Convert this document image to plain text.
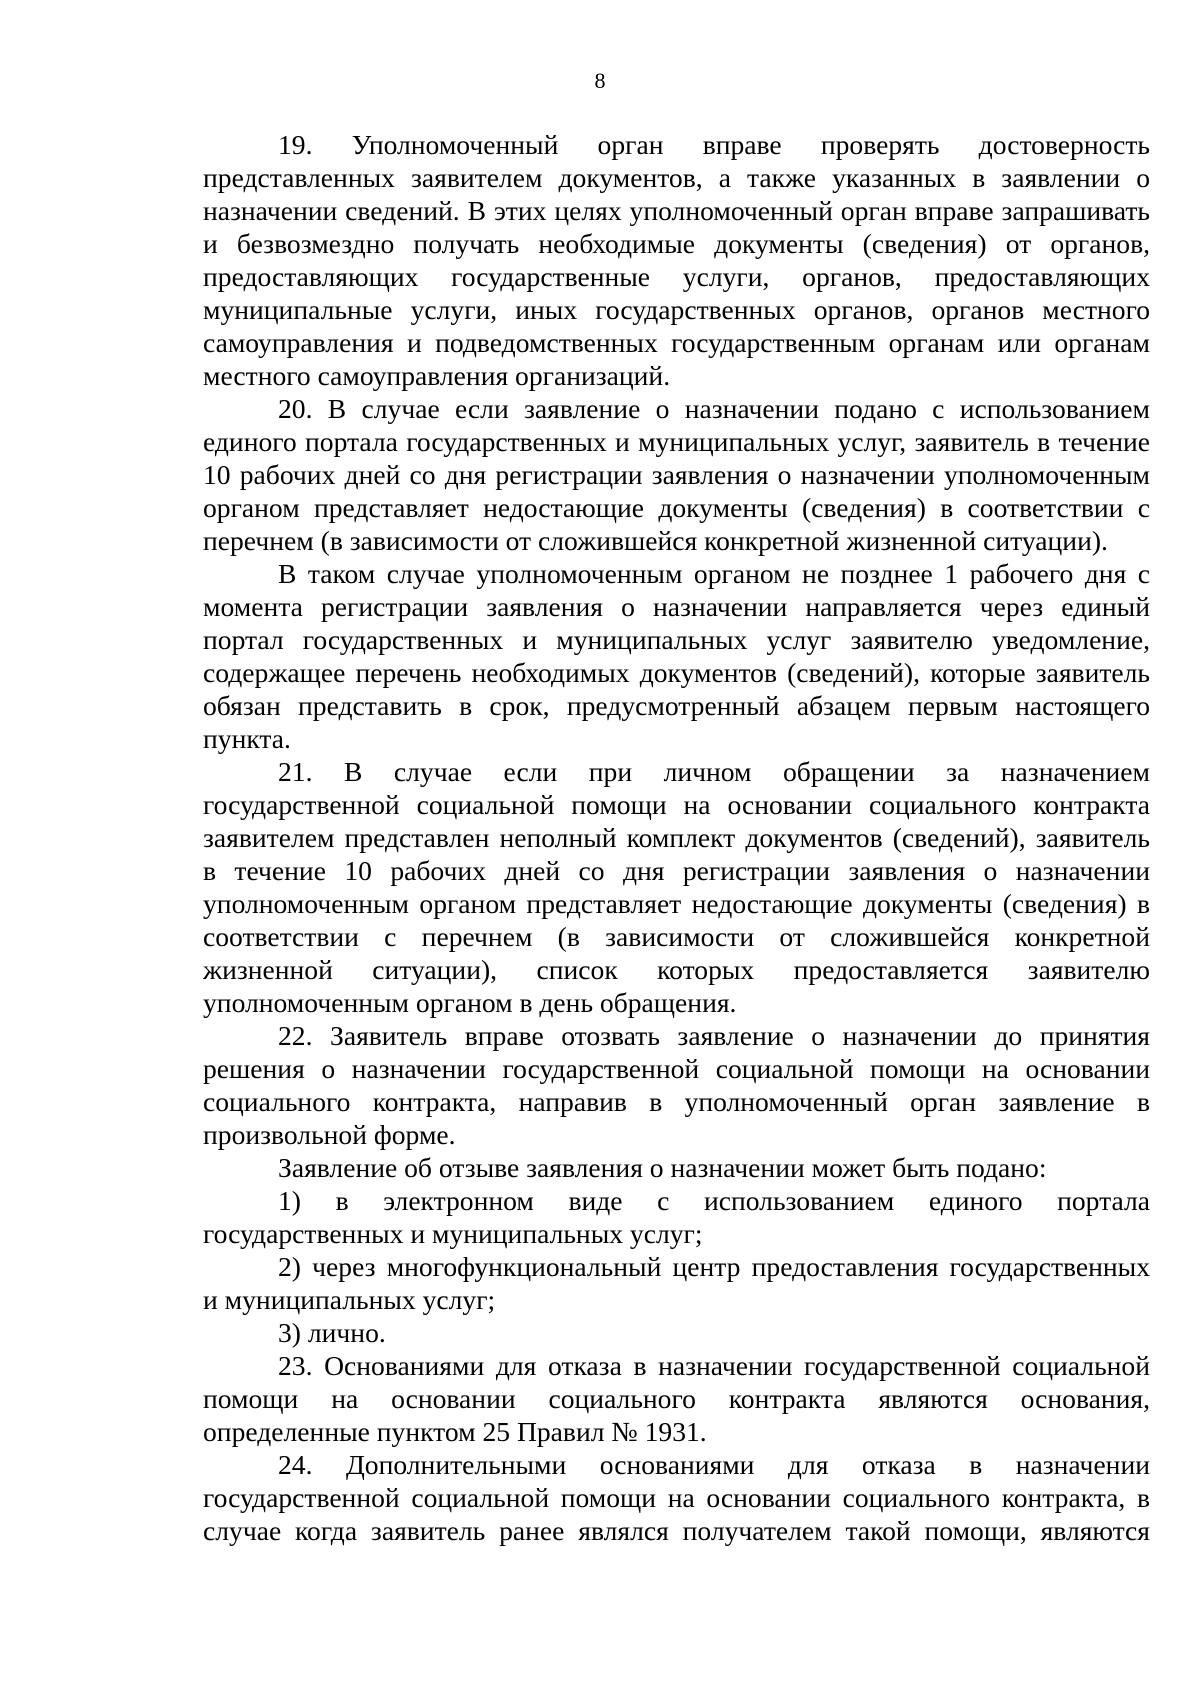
8

19. Уполномоченный орган вправе проверять достоверность представленных заявителем документов, а также указанных в заявлении о назначении сведений. В этих целях уполномоченный орган вправе запрашивать и безвозмездно получать необходимые документы (сведения) от органов, предоставляющих государственные услуги, органов, предоставляющих муниципальные услуги, иных государственных органов, органов местного самоуправления и подведомственных государственным органам или органам местного самоуправления организаций.

20. В случае если заявление о назначении подано с использованием единого портала государственных и муниципальных услуг, заявитель в течение 10 рабочих дней со дня регистрации заявления о назначении уполномоченным органом представляет недостающие документы (сведения) в соответствии с перечнем (в зависимости от сложившейся конкретной жизненной ситуации).

В таком случае уполномоченным органом не позднее 1 рабочего дня с момента регистрации заявления о назначении направляется через единый портал государственных и муниципальных услуг заявителю уведомление, содержащее перечень необходимых документов (сведений), которые заявитель обязан представить в срок, предусмотренный абзацем первым настоящего пункта.

21. В случае если при личном обращении за назначением государственной социальной помощи на основании социального контракта заявителем представлен неполный комплект документов (сведений), заявитель в течение 10 рабочих дней со дня регистрации заявления о назначении уполномоченным органом представляет недостающие документы (сведения) в соответствии с перечнем (в зависимости от сложившейся конкретной жизненной ситуации), список которых предоставляется заявителю уполномоченным органом в день обращения.

22. Заявитель вправе отозвать заявление о назначении до принятия решения о назначении государственной социальной помощи на основании социального контракта, направив в уполномоченный орган заявление в произвольной форме.

Заявление об отзыве заявления о назначении может быть подано:

1) в электронном виде с использованием единого портала государственных и муниципальных услуг;

2) через многофункциональный центр предоставления государственных и муниципальных услуг;

3) лично.

23. Основаниями для отказа в назначении государственной социальной помощи на основании социального контракта являются основания, определенные пунктом 25 Правил № 1931.

24. Дополнительными основаниями для отказа в назначении государственной социальной помощи на основании социального контракта, в случае когда заявитель ранее являлся получателем такой помощи, являются
